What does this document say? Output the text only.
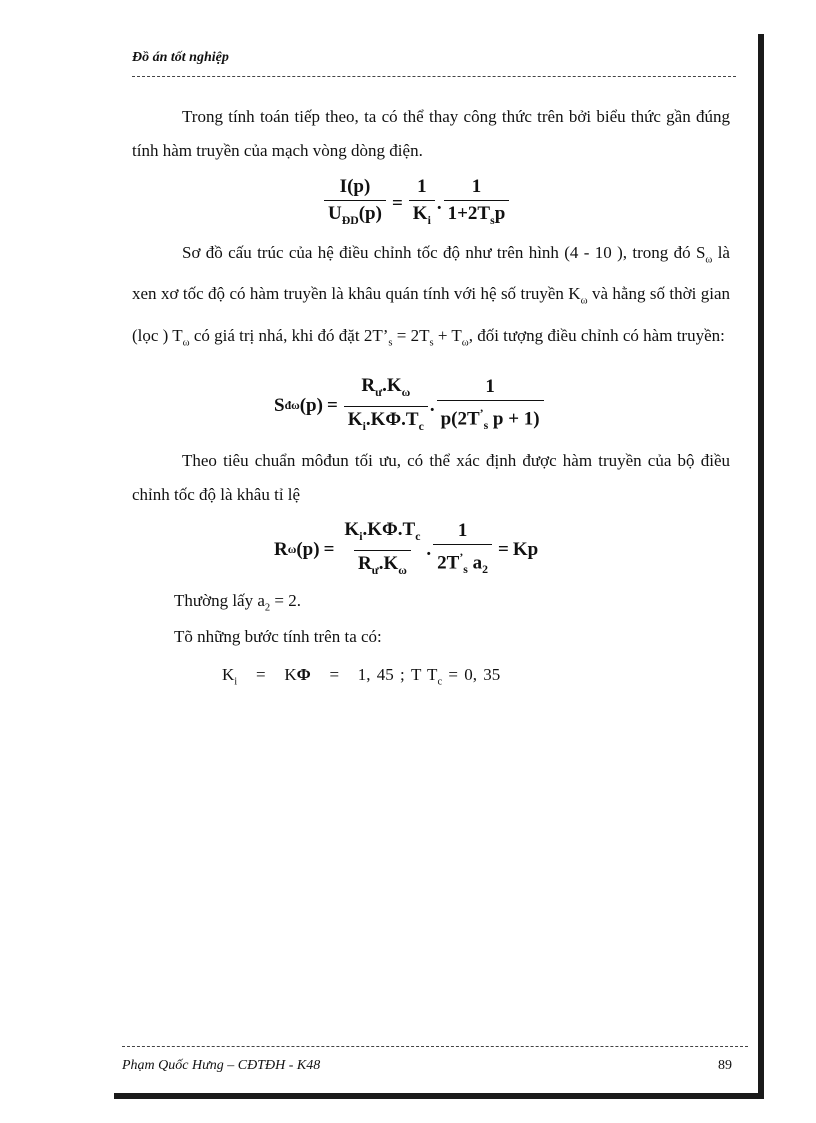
Đồ án tốt nghiệp
Trong tính toán tiếp theo, ta có thể thay công thức trên bởi biểu thức gần đúng tính hàm truyền của mạch vòng dòng điện.
$\frac{I(p)}{U_{ĐD}(p)} = \frac{1}{K_i}$ . $\frac{1}{1+2T_sp}$
Sơ đồ cấu trúc của hệ điều chỉnh tốc độ như trên hình (4 - 10 ), trong đó $S_\omega$ là xen xơ tốc độ có hàm truyền là khâu quán tính với hệ số truyền $K_\omega$ và hằng số thời gian (lọc ) $T_\omega$ có giá trị nhá, khi đó đặt $2T’_s = 2T_s + T_\omega$, đối tượng điều chỉnh có hàm truyền:
S đω $(p) = \frac{R_ư.K_\omega}{K_i.K\Phi.T_c}$ . $\frac{1}{p(2T^’_s p + 1)}$
Theo tiêu chuẩn môđun tối ưu, có thể xác định được hàm truyền của bộ điều chỉnh tốc độ là khâu tỉ lệ
R ω $(p) = \frac{K_i.K\Phi.T_c}{R_ư.K_\omega}$ . $\frac{1}{2T^’_s a_2} = Kp$
Thường lấy $a_2 = 2$.
Tõ những bước tính trên ta có:
$K_i = K\Phi = 1$, 45 ; T $T_c = 0$, 35
Phạm Quốc Hưng – CĐTĐH - K48	89
